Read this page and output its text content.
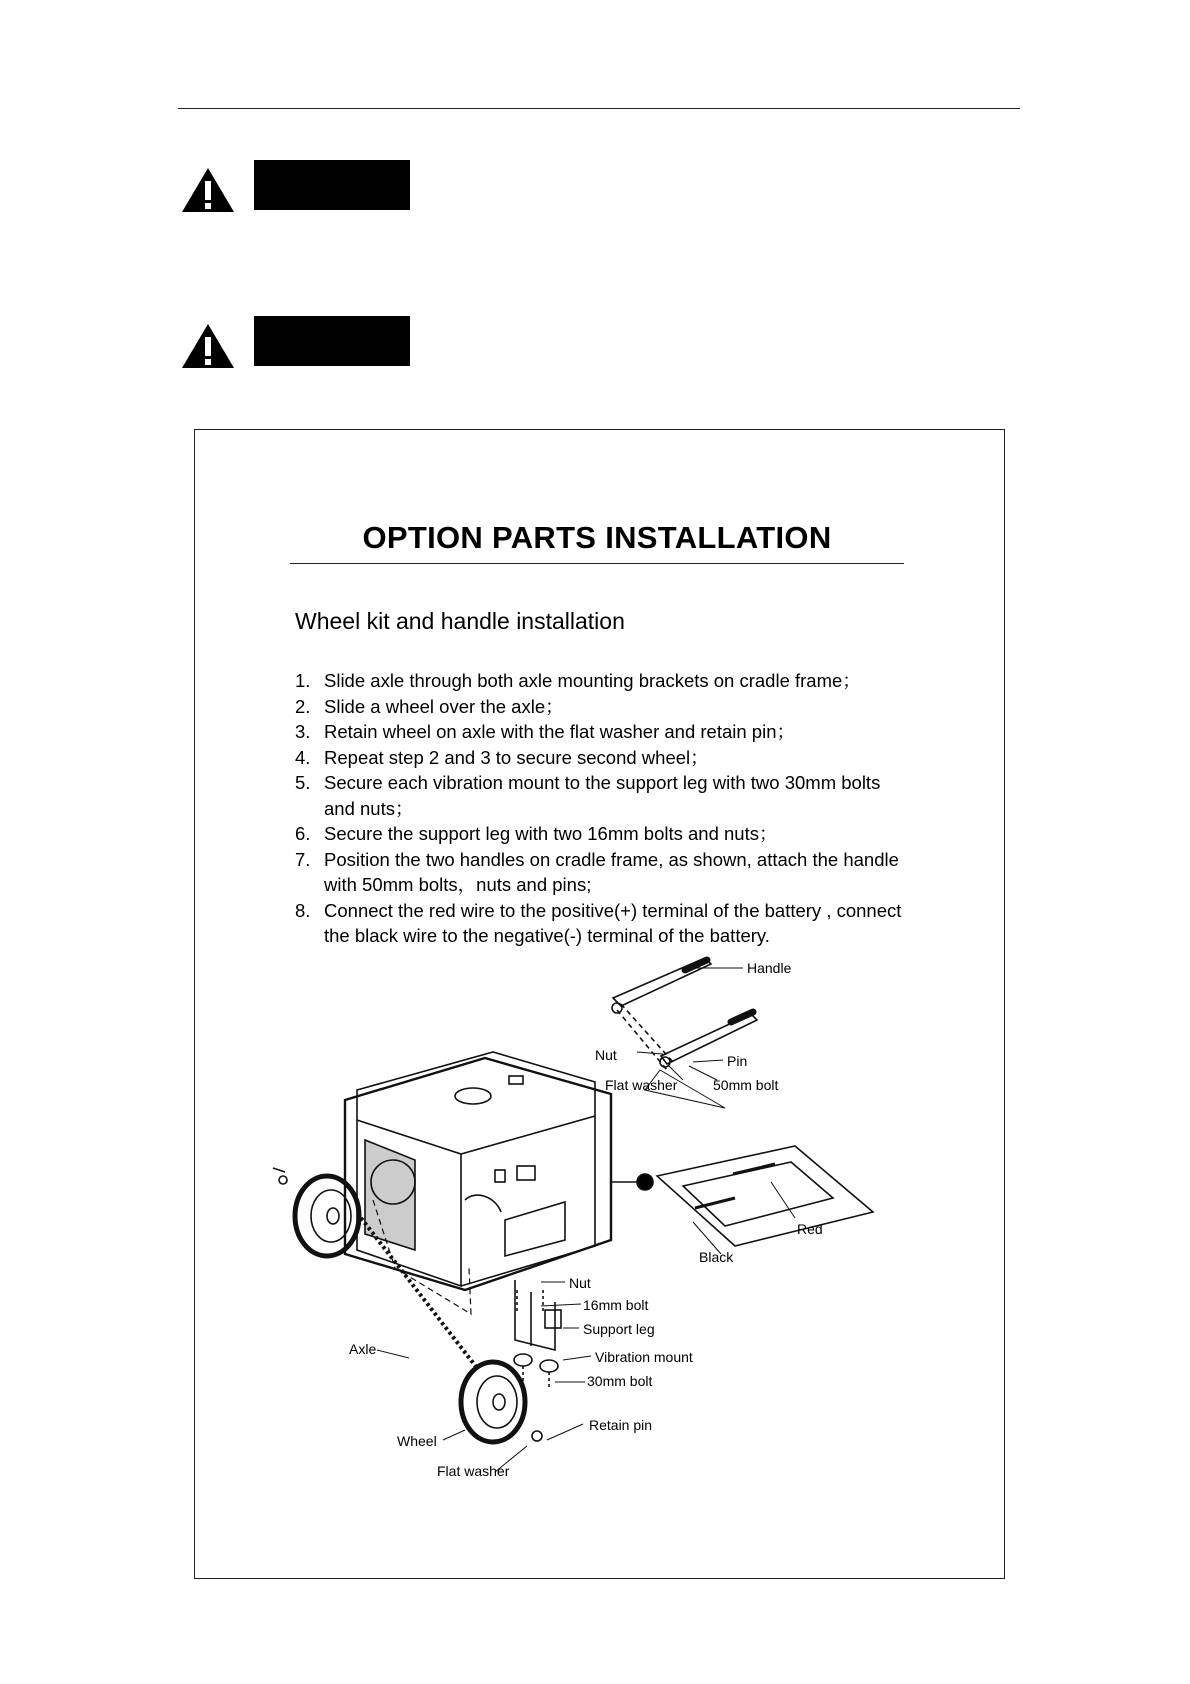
OPTION PARTS INSTALLATION
Wheel kit and handle installation
1. Slide axle through both axle mounting brackets on cradle frame；
2. Slide a wheel over the axle；
3. Retain wheel on axle with the flat washer and retain pin；
4. Repeat step 2 and 3 to secure second wheel；
5. Secure each vibration mount to the support leg with two 30mm bolts and nuts；
6. Secure the support leg with two 16mm bolts and nuts；
7. Position the two handles on cradle frame, as shown, attach the handle with 50mm bolts，nuts and pins;
8. Connect the red wire to the positive(+) terminal of the battery , connect the black wire to the negative(-) terminal of the battery.
Handle
Nut	Pin
Flat washer	50mm bolt
Red
Black
Nut
16mm bolt
Support leg
Vibration mount
30mm bolt
Axle
Retain pin
Wheel
Flat washer
